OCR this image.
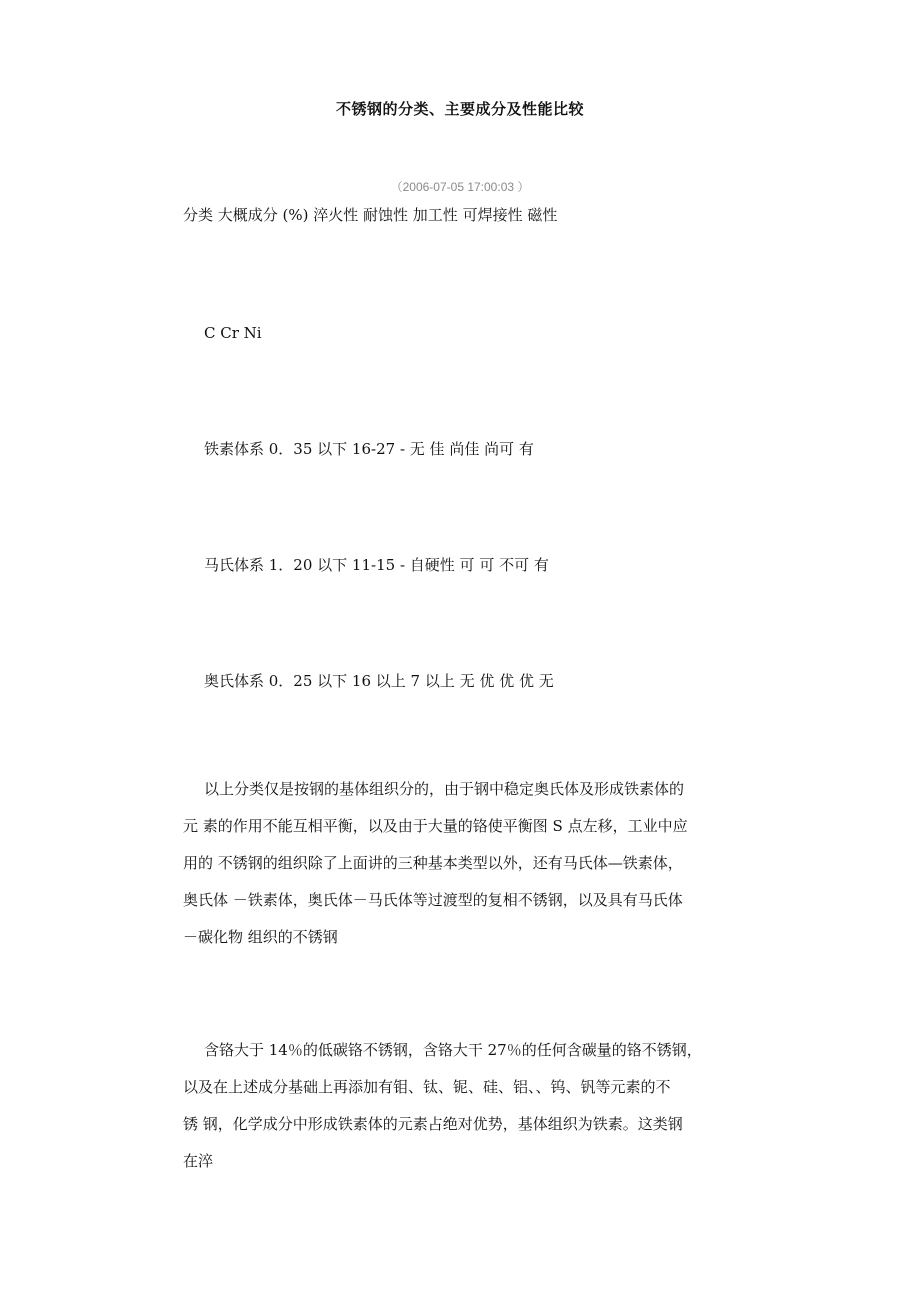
不锈钢的分类、主要成分及性能比较
（2006-07-05 17:00:03 ）
分类 大概成分 (%) 淬火性 耐蚀性 加工性 可焊接性 磁性
C Cr Ni
铁素体系 0．35 以下 16-27 - 无 佳 尚佳 尚可 有
马氏体系 1．20 以下 11-15 - 自硬性 可 可 不可 有
奥氏体系 0．25 以下 16 以上 7 以上 无 优 优 优 无
以上分类仅是按钢的基体组织分的，由于钢中稳定奥氏体及形成铁素体的
元 素的作用不能互相平衡，以及由于大量的铬使平衡图 S 点左移，工业中应
用的 不锈钢的组织除了上面讲的三种基本类型以外，还有马氏体—铁素体，
奥氏体 －铁素体，奥氏体－马氏体等过渡型的复相不锈钢，以及具有马氏体
－碳化物 组织的不锈钢
含铬大于 14％的低碳铬不锈钢，含铬大干 27％的任何含碳量的铬不锈钢，
以及在上述成分基础上再添加有钼、钛、铌、硅、铝、、钨、钒等元素的不
锈 钢，化学成分中形成铁素体的元素占绝对优势，基体组织为铁素。这类钢
在淬
